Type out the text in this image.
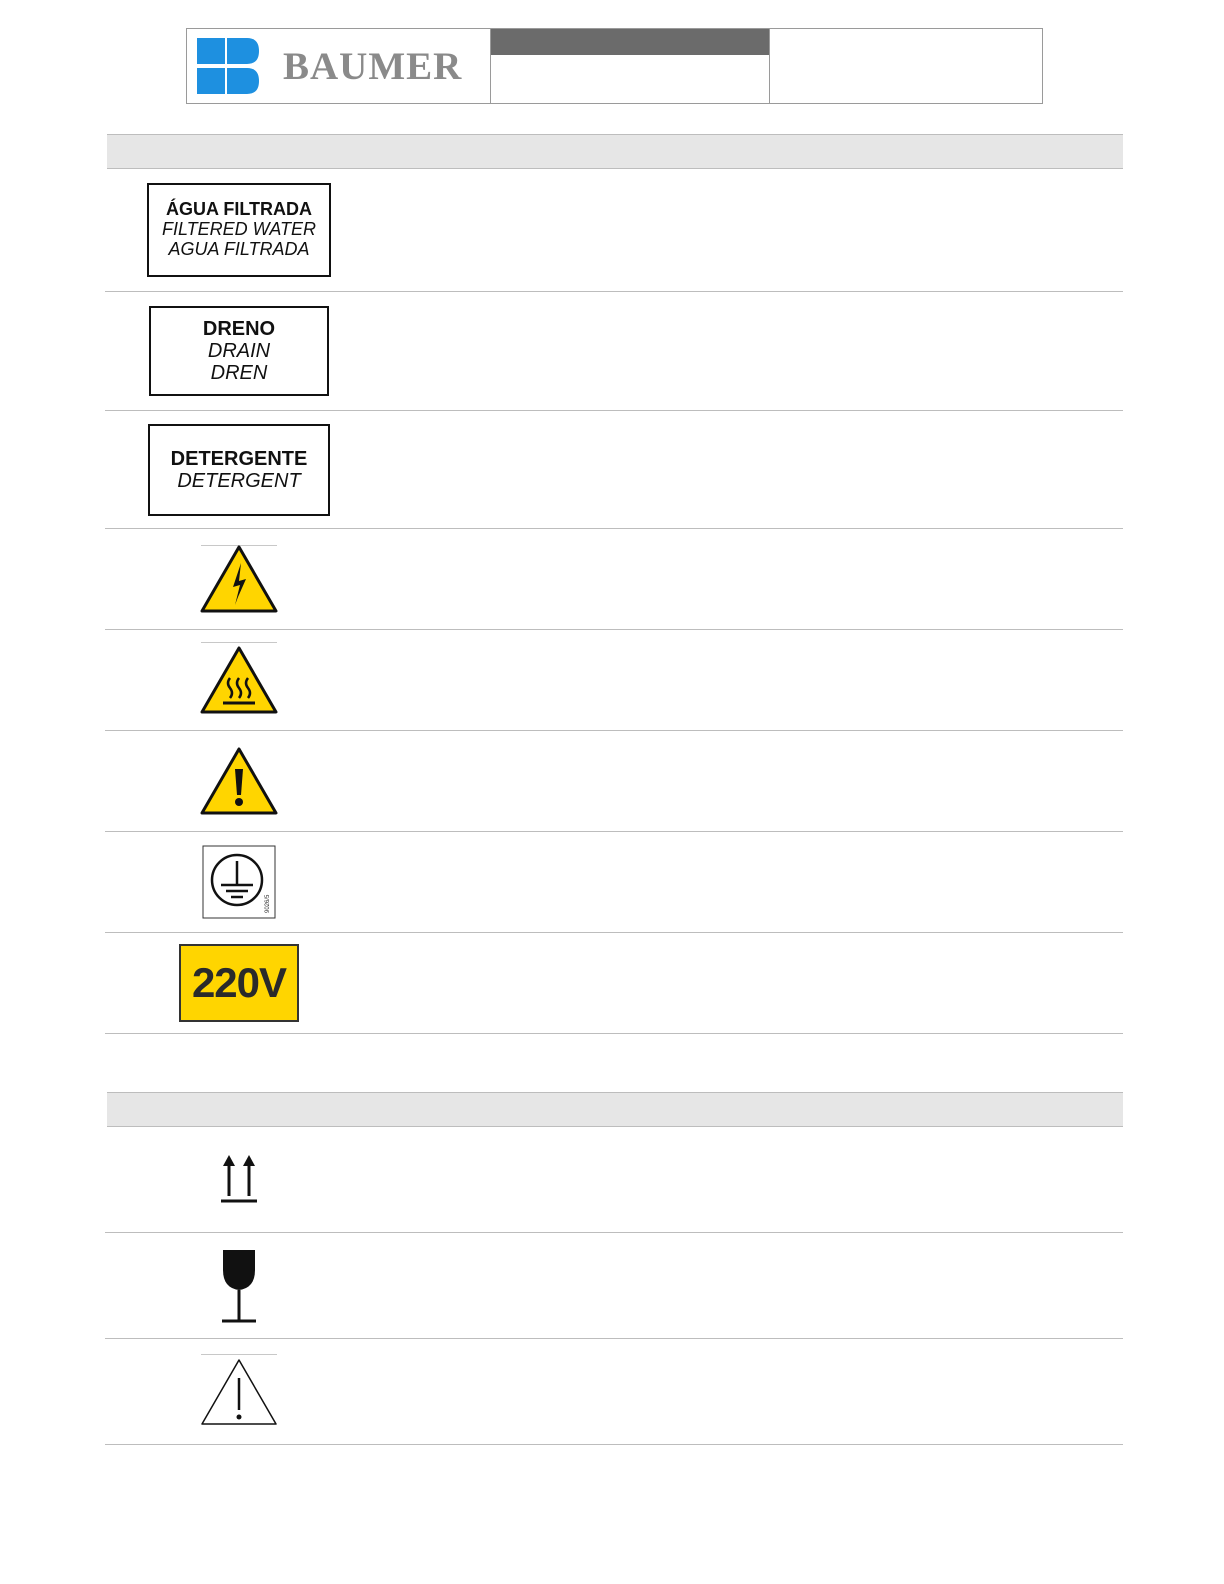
BAUMER
ÁGUA FILTRADA
FILTERED WATER
AGUA FILTRADA
DRENO
DRAIN
DREN
DETERGENTE
DETERGENT
9026/5
220V
